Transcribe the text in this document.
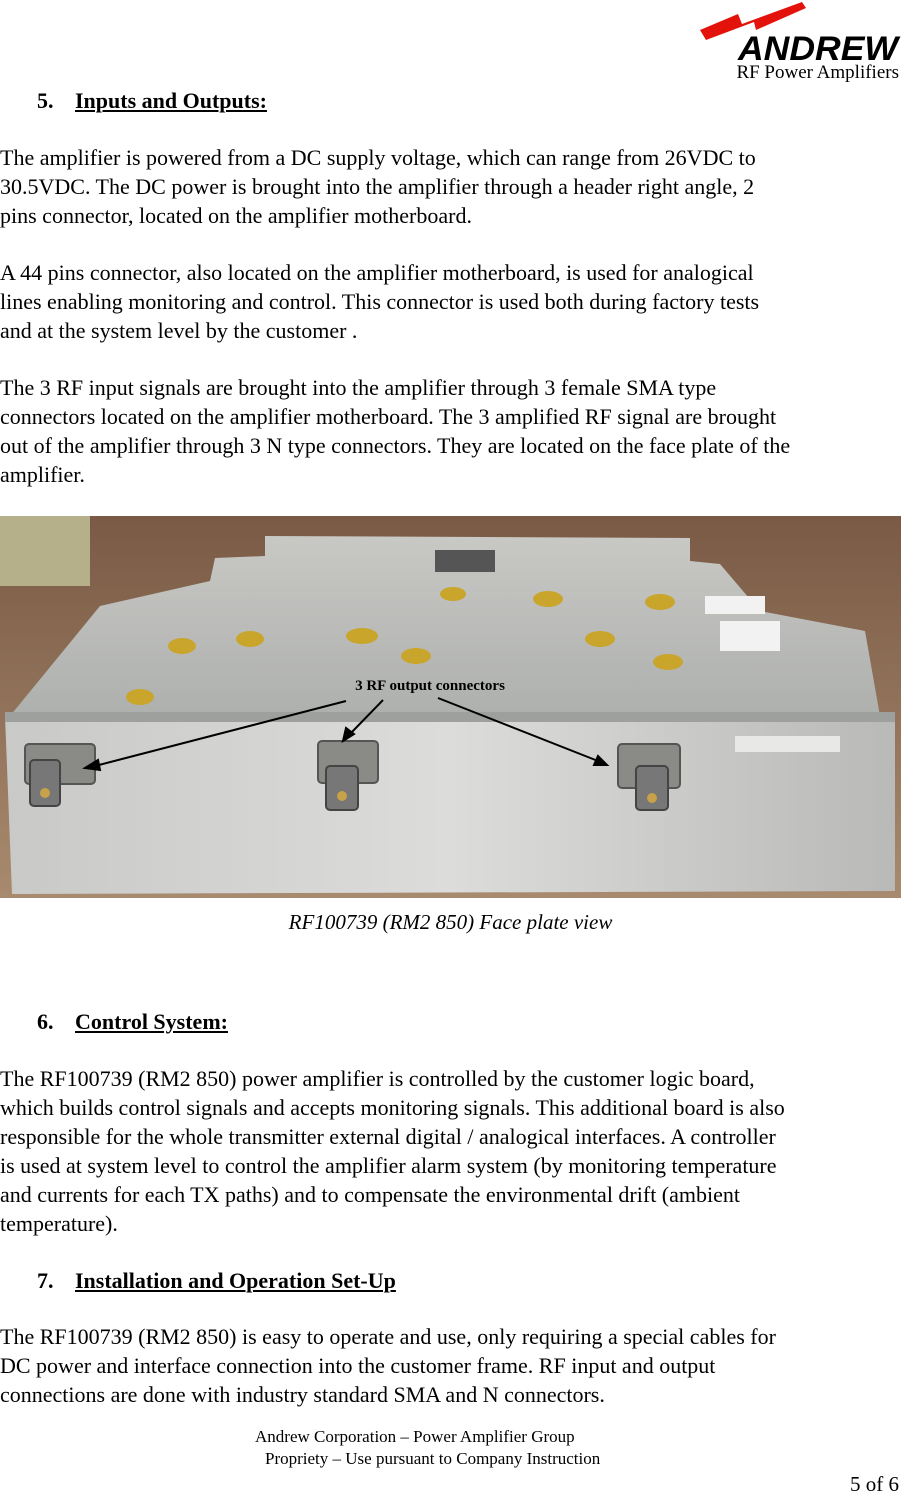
ANDREW
RF Power Amplifiers
5. Inputs and Outputs:
The amplifier is powered from a DC supply voltage, which can range from 26VDC to
30.5VDC. The DC power is brought into the amplifier through a header right angle, 2
pins connector, located on the amplifier motherboard.
A 44 pins connector, also located on the amplifier motherboard, is used for analogical
lines enabling monitoring and control. This connector is used both during factory tests
and at the system level by the customer .
The 3 RF input signals are brought into the amplifier through 3 female SMA type
connectors located on the amplifier motherboard. The 3 amplified RF signal are brought
out of the amplifier through 3 N type connectors. They are located on the face plate of the
amplifier.
3 RF output connectors
RF100739 (RM2 850) Face plate view
6. Control System:
The RF100739 (RM2 850) power amplifier is controlled by the customer logic board,
which builds control signals and accepts monitoring signals. This additional board is also
responsible for the whole transmitter external digital / analogical interfaces. A controller
is used at system level to control the amplifier alarm system (by monitoring temperature
and currents for each TX paths) and to compensate the environmental drift (ambient
temperature).
7. Installation and Operation Set-Up
The RF100739 (RM2 850) is easy to operate and use, only requiring a special cables for
DC power and interface connection into the customer frame. RF input and output
connections are done with industry standard SMA and N connectors.
Andrew Corporation – Power Amplifier Group
Propriety – Use pursuant to Company Instruction
5 of 6
